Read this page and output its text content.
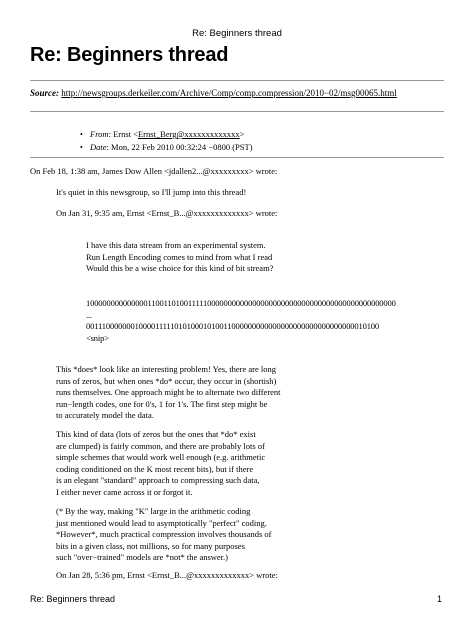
Re: Beginners thread
Re: Beginners thread
Source: http://newsgroups.derkeiler.com/Archive/Comp/comp.compression/2010−02/msg00065.html
• From: Ernst <Ernst_Berg@xxxxxxxxxxxxx>
• Date: Mon, 22 Feb 2010 00:32:24 −0800 (PST)
On Feb 18, 1:38 am, James Dow Allen <jdallen2...@xxxxxxxxx> wrote:
It's quiet in this newsgroup, so I'll jump into this thread!
On Jan 31, 9:35 am, Ernst <Ernst_B...@xxxxxxxxxxxxx> wrote:
I have this data stream from an experimental system.
Run Length Encoding comes to mind from what I read
Would this be a wise choice for this kind of bit stream?
1000000000000001100110100111110000000000000000000000000000000000000000000000
...
001110000000100001111101010001010011000000000000000000000000000000010100
<snip>
This *does* look like an interesting problem! Yes, there are long
runs of zeros, but when ones *do* occur, they occur in (shortish)
runs themselves. One approach might be to alternate two different
run−length codes, one for 0's, 1 for 1's. The first step might be
to accurately model the data.
This kind of data (lots of zeros but the ones that *do* exist
are clumped) is fairly common, and there are probably lots of
simple schemes that would work well enough (e.g. arithmetic
coding conditioned on the K most recent bits), but if there
is an elegant "standard" approach to compressing such data,
I either never came across it or forgot it.
(* By the way, making "K" large in the arithmetic coding
just mentioned would lead to asymptotically "perfect" coding.
*However*, much practical compression involves thousands of
bits in a given class, not millions, so for many purposes
such "over−trained" models are *not* the answer.)
On Jan 28, 5:36 pm, Ernst <Ernst_B...@xxxxxxxxxxxxx> wrote:
Re: Beginners thread	1
